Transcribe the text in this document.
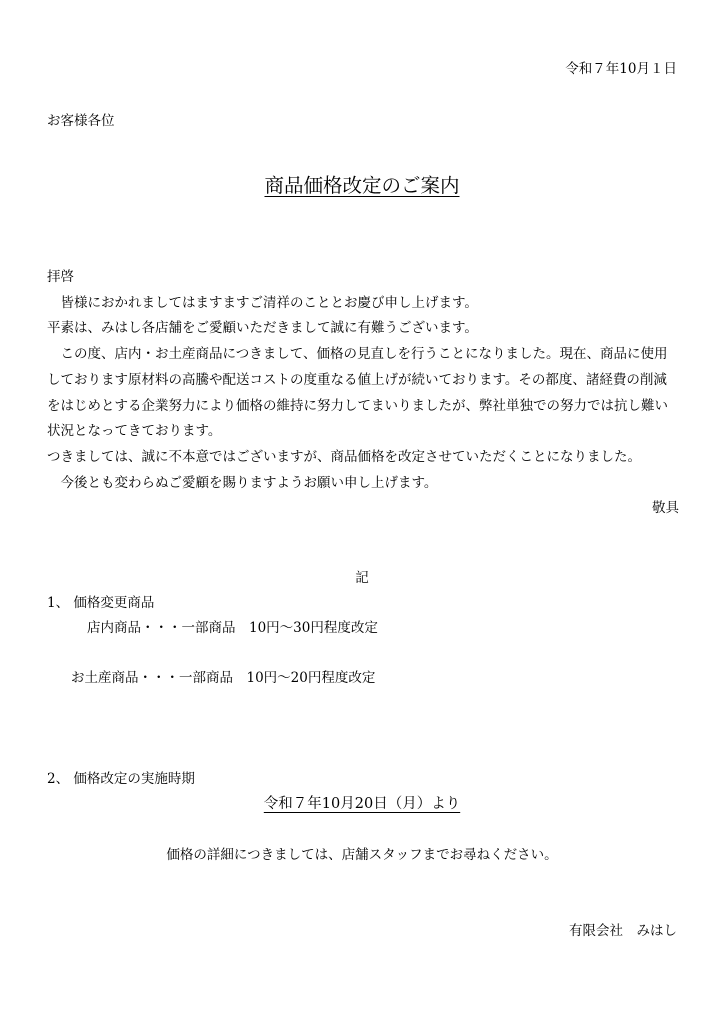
令和７年10月１日
お客様各位
商品価格改定のご案内

拝啓

皆様におかれましてはますますご清祥のこととお慶び申し上げます。

平素は、みはし各店舗をご愛顧いただきまして誠に有難うございます。

この度、店内・お土産商品につきまして、価格の見直しを行うことになりました。現在、商品に使用しております原材料の高騰や配送コストの度重なる値上げが続いております。その都度、諸経費の削減をはじめとする企業努力により価格の維持に努力してまいりましたが、弊社単独での努力では抗し難い状況となってきております。

つきましては、誠に不本意ではございますが、商品価格を改定させていただくことになりました。

今後とも変わらぬご愛顧を賜りますようお願い申し上げます。

敬具

記
1、 価格変更商品
店内商品・・・一部商品　10円～30円程度改定
お土産商品・・・一部商品　10円～20円程度改定
2、 価格改定の実施時期
令和７年10月20日（月）より
価格の詳細につきましては、店舗スタッフまでお尋ねください。
有限会社　みはし
